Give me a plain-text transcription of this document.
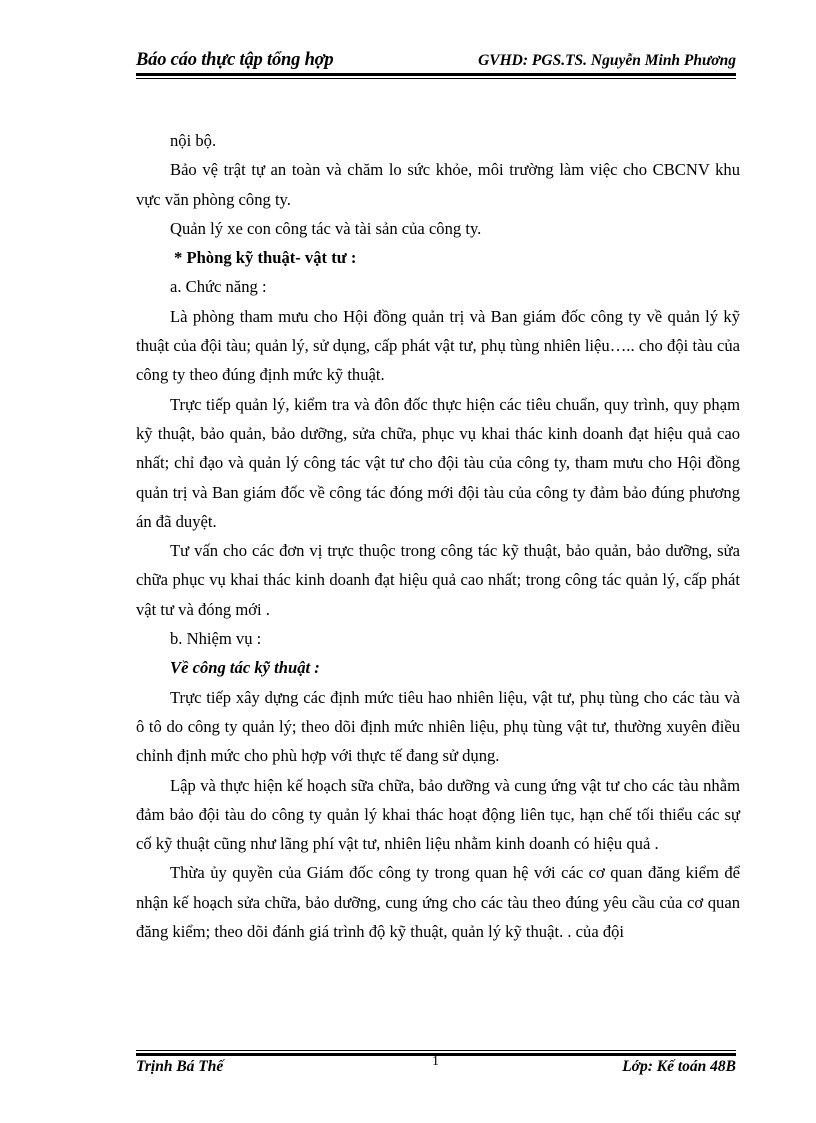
Báo cáo thực tập tổng hợp	GVHD: PGS.TS. Nguyễn Minh Phương

nội bộ.

Bảo vệ trật tự an toàn và chăm lo sức khỏe, môi trường làm việc cho CBCNV khu vực văn phòng công ty.

Quản lý xe con công tác và tài sản của công ty.

* Phòng kỹ thuật- vật tư :

a. Chức năng :

Là phòng tham mưu cho Hội đồng quản trị và Ban giám đốc công ty về quản lý kỹ thuật của đội tàu; quản lý, sử dụng, cấp phát vật tư, phụ tùng nhiên liệu….. cho đội tàu của công ty theo đúng định mức kỹ thuật.

Trực tiếp quản lý, kiểm tra và đôn đốc thực hiện các tiêu chuẩn, quy trình, quy phạm kỹ thuật, bảo quản, bảo dưỡng, sửa chữa, phục vụ khai thác kinh doanh đạt hiệu quả cao nhất; chỉ đạo và quản lý công tác vật tư cho đội tàu của công ty, tham mưu cho Hội đồng quản trị và Ban giám đốc về công tác đóng mới đội tàu của công ty đảm bảo đúng phương án đã duyệt.

Tư vấn cho các đơn vị trực thuộc trong công tác kỹ thuật, bảo quản, bảo dưỡng, sửa chữa phục vụ khai thác kinh doanh đạt hiệu quả cao nhất; trong công tác quản lý, cấp phát vật tư và đóng mới .

b. Nhiệm vụ :

Về công tác kỹ thuật :

Trực tiếp xây dựng các định mức tiêu hao nhiên liệu, vật tư, phụ tùng cho các tàu và ô tô do công ty quản lý; theo dõi định mức nhiên liệu, phụ tùng vật tư, thường xuyên điều chỉnh định mức cho phù hợp với thực tế đang sử dụng.

Lập và thực hiện kế hoạch sữa chữa, bảo dưỡng và cung ứng vật tư cho các tàu nhằm đảm bảo đội tàu do công ty quản lý khai thác hoạt động liên tục, hạn chế tối thiểu các sự cố kỹ thuật cũng như lãng phí vật tư, nhiên liệu nhằm kinh doanh có hiệu quả .

Thừa ủy quyền của Giám đốc công ty trong quan hệ với các cơ quan đăng kiểm để nhận kế hoạch sửa chữa, bảo dưỡng, cung ứng cho các tàu theo đúng yêu cầu của cơ quan đăng kiểm; theo dõi đánh giá trình độ kỹ thuật, quản lý kỹ thuật. . của đội

Trịnh Bá Thế	1	Lớp: Kế toán 48B
